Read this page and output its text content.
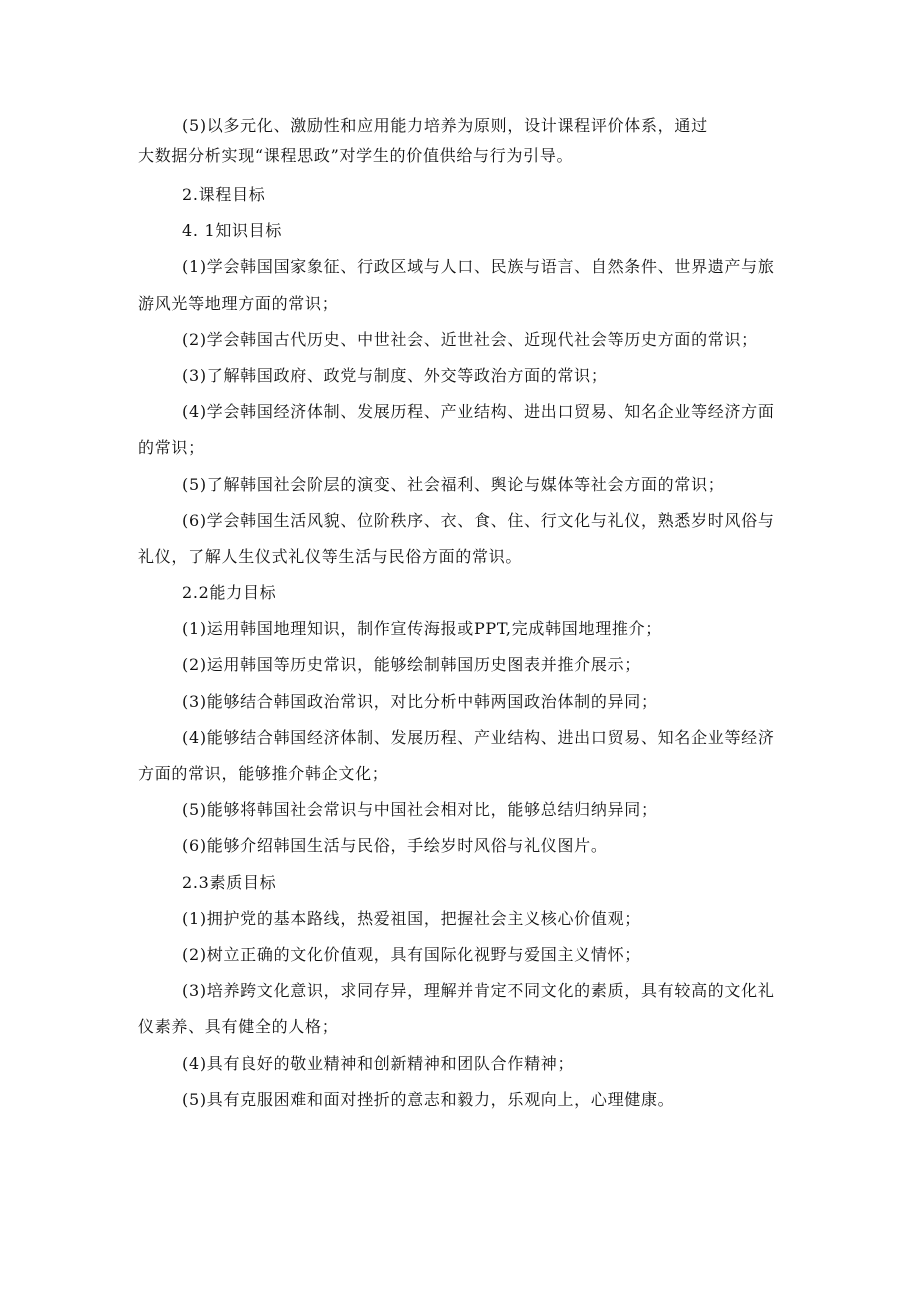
(5)以多元化、激励性和应用能力培养为原则，设计课程评价体系，通过
大数据分析实现“课程思政”对学生的价值供给与行为引导。
2.课程目标
4. 1知识目标
(1)学会韩国国家象征、行政区域与人口、民族与语言、自然条件、世界遗产与旅
游风光等地理方面的常识；
(2)学会韩国古代历史、中世社会、近世社会、近现代社会等历史方面的常识；
(3)了解韩国政府、政党与制度、外交等政治方面的常识；
(4)学会韩国经济体制、发展历程、产业结构、进出口贸易、知名企业等经济方面
的常识；
(5)了解韩国社会阶层的演变、社会福利、舆论与媒体等社会方面的常识；
(6)学会韩国生活风貌、位阶秩序、衣、食、住、行文化与礼仪，熟悉岁时风俗与
礼仪，了解人生仪式礼仪等生活与民俗方面的常识。
2.2能力目标
(1)运用韩国地理知识，制作宣传海报或PPT,完成韩国地理推介；
(2)运用韩国等历史常识，能够绘制韩国历史图表并推介展示；
(3)能够结合韩国政治常识，对比分析中韩两国政治体制的异同；
(4)能够结合韩国经济体制、发展历程、产业结构、进出口贸易、知名企业等经济
方面的常识，能够推介韩企文化；
(5)能够将韩国社会常识与中国社会相对比，能够总结归纳异同；
(6)能够介绍韩国生活与民俗，手绘岁时风俗与礼仪图片。
2.3素质目标
(1)拥护党的基本路线，热爱祖国，把握社会主义核心价值观；
(2)树立正确的文化价值观，具有国际化视野与爱国主义情怀；
(3)培养跨文化意识，求同存异，理解并肯定不同文化的素质，具有较高的文化礼
仪素养、具有健全的人格；
(4)具有良好的敬业精神和创新精神和团队合作精神；
(5)具有克服困难和面对挫折的意志和毅力，乐观向上，心理健康。
